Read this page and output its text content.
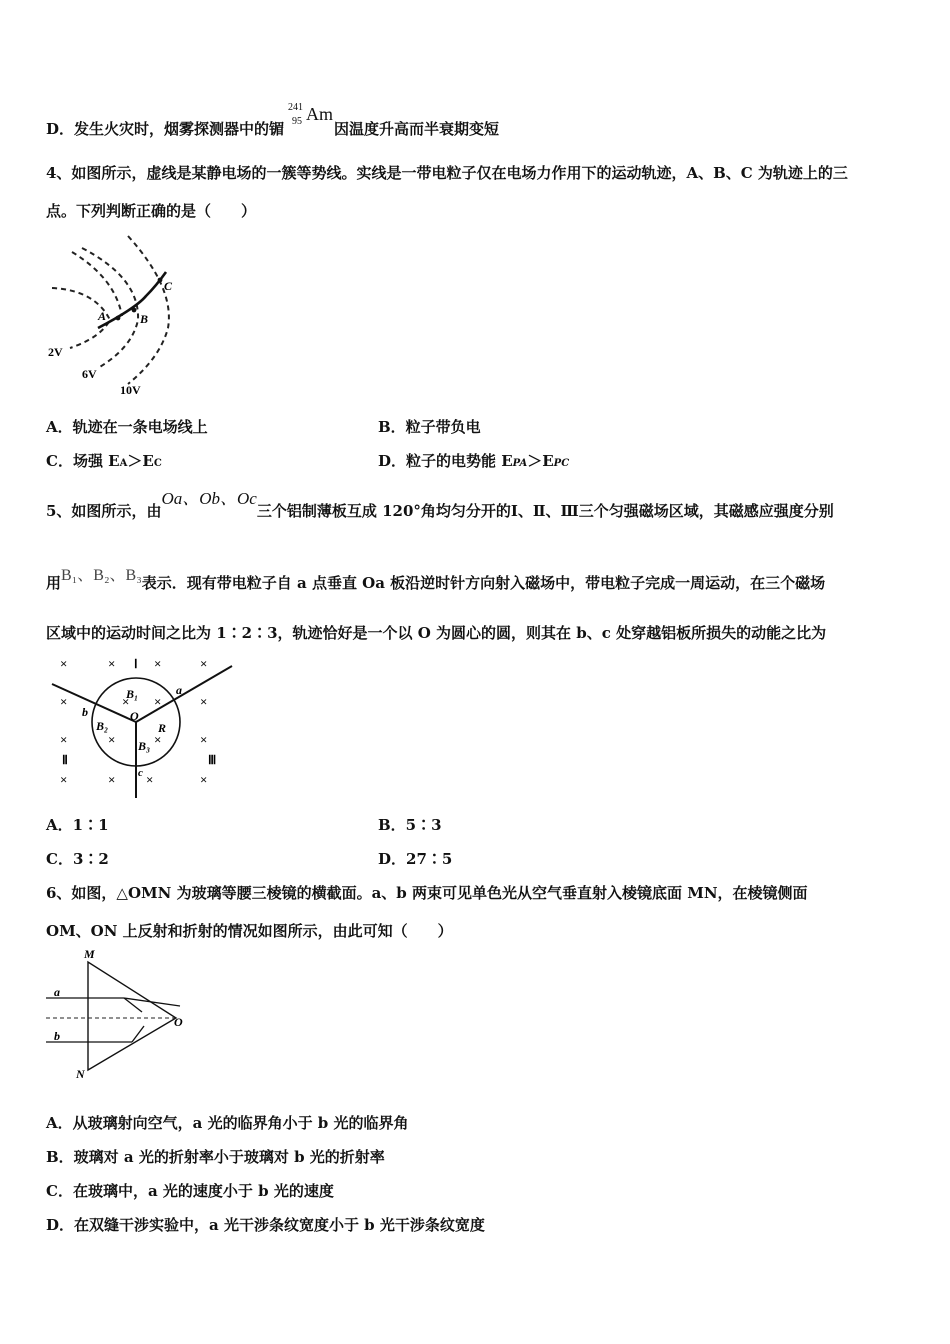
D．发生火灾时，烟雾探测器中的镅
241
95 Am
因温度升高而半衰期变短
4、如图所示，虚线是某静电场的一簇等势线。实线是一带电粒子仅在电场力作用下的运动轨迹，A、B、C 为轨迹上的三
点。下列判断正确的是（　　）
A	B
C
2V
6V
10V
A．轨迹在一条电场线上	B．粒子带负电
C．场强 EA＞EC	D．粒子的电势能 EPA＞EPC
5、如图所示，由Oa、Ob、Oc三个铝制薄板互成 120°角均匀分开的Ⅰ、Ⅱ、Ⅲ三个匀强磁场区域，其磁感应强度分别
用B₁、B₂、B₃表示．现有带电粒子自 a 点垂直 Oa 板沿逆时针方向射入磁场中，带电粒子完成一周运动，在三个磁场
区域中的运动时间之比为 1∶2∶3，轨迹恰好是一个以 O 为圆心的圆，则其在 b、c 处穿越铝板所损失的动能之比为
×	×	×	×
×	× ×	×
×	×	×	×
×	× ×	×
Ⅰ
Ⅱ	Ⅲ
B₁
B₂
B₃
O
R
a
b
c
A．1∶1	B．5∶3
C．3∶2	D．27∶5
6、如图，△OMN 为玻璃等腰三棱镜的横截面。a、b 两束可见单色光从空气垂直射入棱镜底面 MN，在棱镜侧面
OM、ON 上反射和折射的情况如图所示，由此可知（　　）
M
N
O
a
b
A．从玻璃射向空气，a 光的临界角小于 b 光的临界角
B．玻璃对 a 光的折射率小于玻璃对 b 光的折射率
C．在玻璃中，a 光的速度小于 b 光的速度
D．在双缝干涉实验中，a 光干涉条纹宽度小于 b 光干涉条纹宽度
